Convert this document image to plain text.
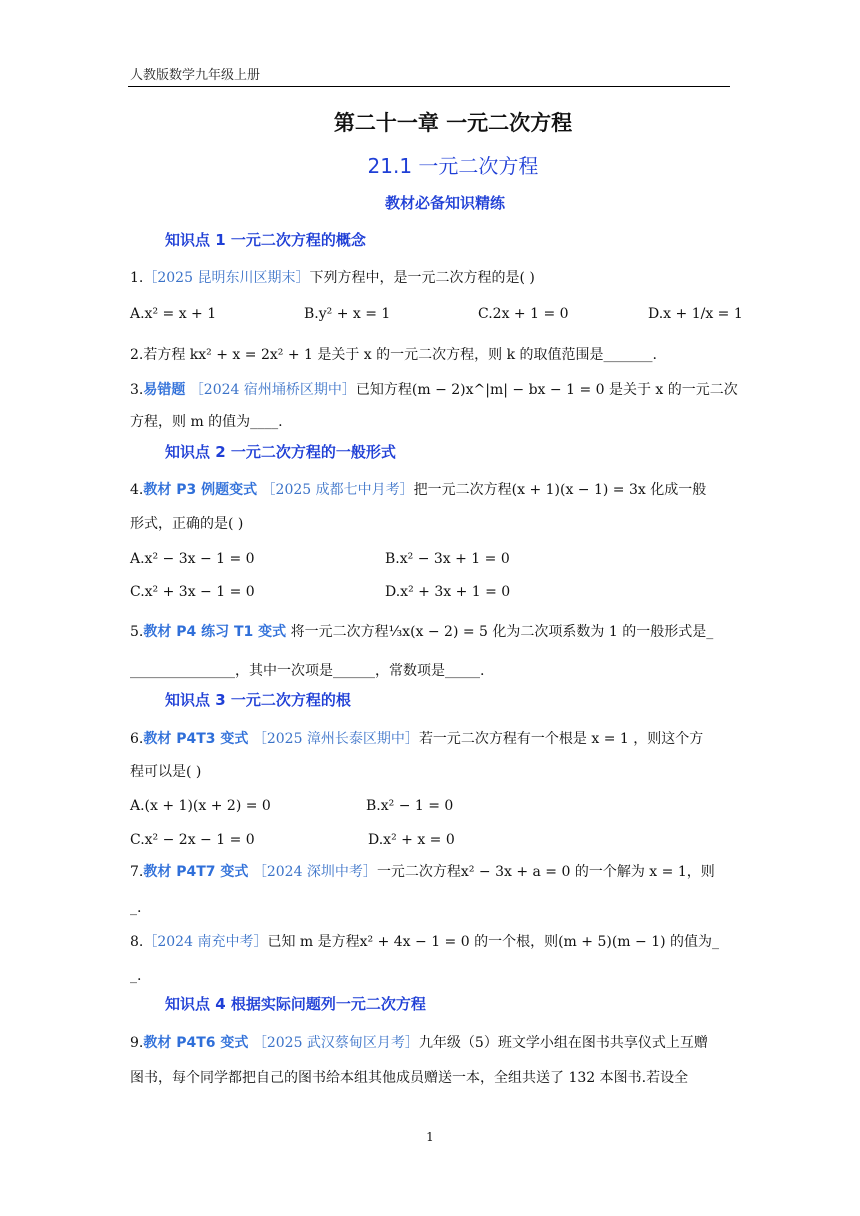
人教版数学九年级上册
第二十一章 一元二次方程
21.1 一元二次方程
教材必备知识精练
知识点 1 一元二次方程的概念
1.［2025 昆明东川区期末］下列方程中，是一元二次方程的是( )
A.x² = x + 1	B.y² + x = 1	C.2x + 1 = 0	D.x + 1/x = 1
2.若方程 kx² + x = 2x² + 1 是关于 x 的一元二次方程，则 k 的取值范围是_______.
3.易错题 ［2024 宿州埇桥区期中］已知方程(m − 2)x^|m| − bx − 1 = 0 是关于 x 的一元二次
方程，则 m 的值为____.
知识点 2 一元二次方程的一般形式
4.教材 P3 例题变式 ［2025 成都七中月考］把一元二次方程(x + 1)(x − 1) = 3x 化成一般
形式，正确的是( )
A.x² − 3x − 1 = 0	B.x² − 3x + 1 = 0
C.x² + 3x − 1 = 0	D.x² + 3x + 1 = 0
5.教材 P4 练习 T1 变式 将一元二次方程⅓x(x − 2) = 5 化为二次项系数为 1 的一般形式是_
_______________，其中一次项是______，常数项是_____.
知识点 3 一元二次方程的根
6.教材 P4T3 变式 ［2025 漳州长泰区期中］若一元二次方程有一个根是 x = 1 ，则这个方
程可以是( )
A.(x + 1)(x + 2) = 0	B.x² − 1 = 0
C.x² − 2x − 1 = 0	D.x² + x = 0
7.教材 P4T7 变式 ［2024 深圳中考］一元二次方程x² − 3x + a = 0 的一个解为 x = 1，则
_.
8.［2024 南充中考］已知 m 是方程x² + 4x − 1 = 0 的一个根，则(m + 5)(m − 1) 的值为_
_.
知识点 4 根据实际问题列一元二次方程
9.教材 P4T6 变式 ［2025 武汉蔡甸区月考］九年级（5）班文学小组在图书共享仪式上互赠
图书，每个同学都把自己的图书给本组其他成员赠送一本，全组共送了 132 本图书.若设全
1
